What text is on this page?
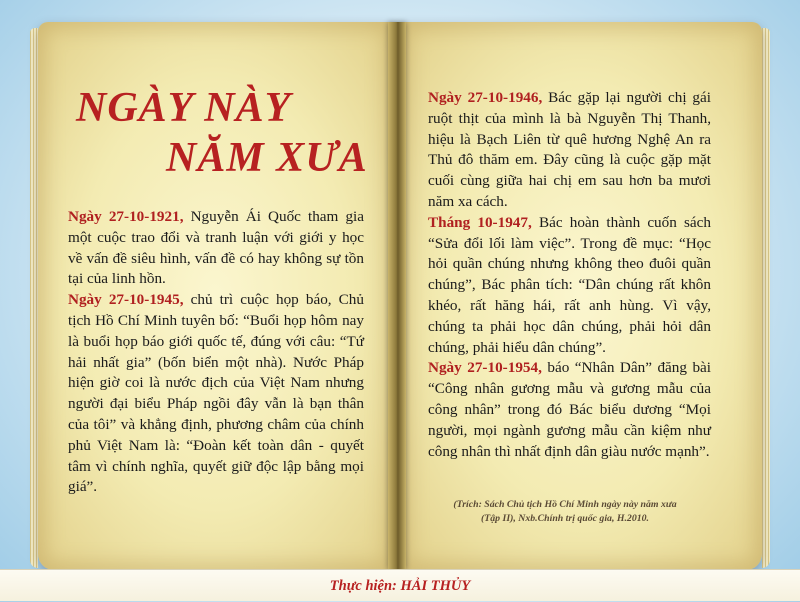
NGÀY NÀY
NĂM XƯA

Ngày 27-10-1921, Nguyễn Ái Quốc tham gia một cuộc trao đổi và tranh luận với giới y học về vấn đề siêu hình, vấn đề có hay không sự tồn tại của linh hồn.

Ngày 27-10-1945, chủ trì cuộc họp báo, Chủ tịch Hồ Chí Minh tuyên bố: “Buổi họp hôm nay là buổi họp báo giới quốc tế, đúng với câu: “Tứ hải nhất gia” (bốn biển một nhà). Nước Pháp hiện giờ coi là nước địch của Việt Nam nhưng người đại biểu Pháp ngồi đây vẫn là bạn thân của tôi” và khẳng định, phương châm của chính phủ Việt Nam là: “Đoàn kết toàn dân - quyết tâm vì chính nghĩa, quyết giữ độc lập bằng mọi giá”.

Ngày 27-10-1946, Bác gặp lại người chị gái ruột thịt của mình là bà Nguyễn Thị Thanh, hiệu là Bạch Liên từ quê hương Nghệ An ra Thủ đô thăm em. Đây cũng là cuộc gặp mặt cuối cùng giữa hai chị em sau hơn ba mươi năm xa cách.

Tháng 10-1947, Bác hoàn thành cuốn sách “Sửa đổi lối làm việc”. Trong đề mục: “Học hỏi quần chúng nhưng không theo đuôi quần chúng”, Bác phân tích: “Dân chúng rất khôn khéo, rất hăng hái, rất anh hùng. Vì vậy, chúng ta phải học dân chúng, phải hỏi dân chúng, phải hiểu dân chúng”.

Ngày 27-10-1954, báo “Nhân Dân” đăng bài “Công nhân gương mẫu và gương mẫu của công nhân” trong đó Bác biểu dương “Mọi người, mọi ngành gương mẫu cần kiệm như công nhân thì nhất định dân giàu nước mạnh”.

(Trích: Sách Chủ tịch Hồ Chí Minh ngày này năm xưa
(Tập II), Nxb.Chính trị quốc gia, H.2010.
Thực hiện: HẢI THỦY
